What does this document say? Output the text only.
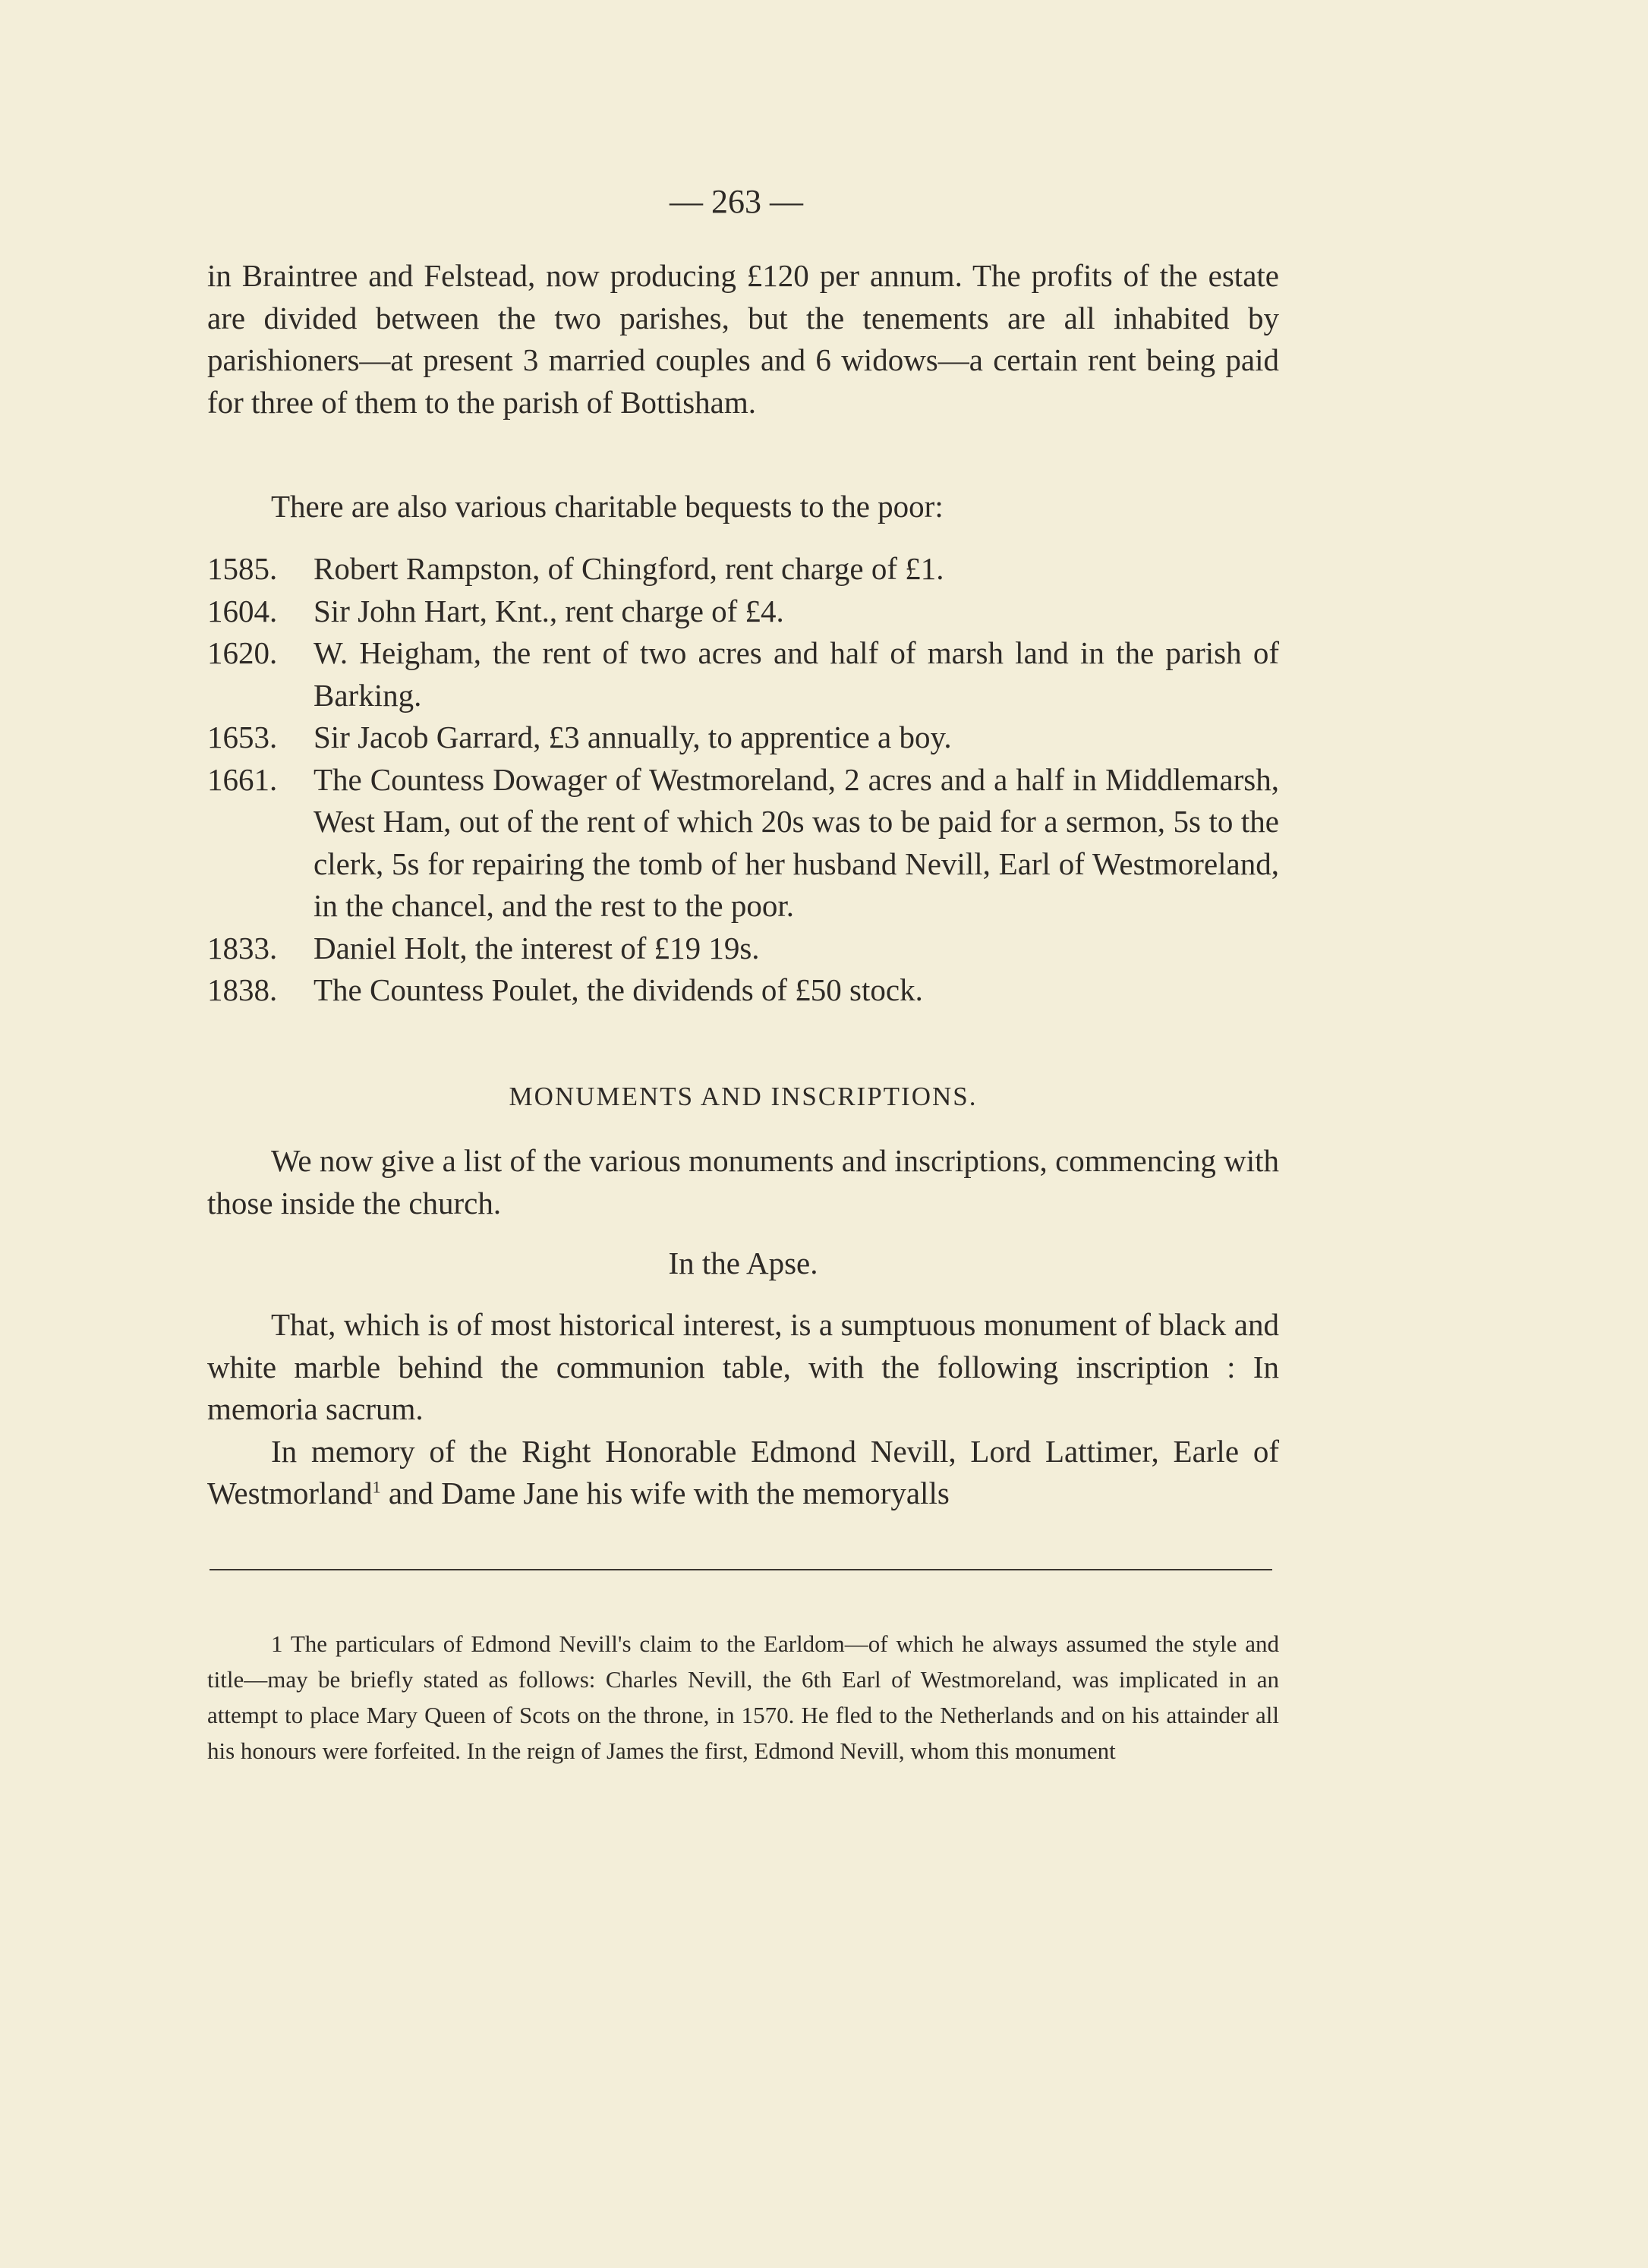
— 263 —

in Braintree and Felstead, now producing £120 per annum. The profits of the estate are divided between the two parishes, but the tenements are all inhabited by parishioners—at present 3 married couples and 6 widows—a certain rent being paid for three of them to the parish of Bottisham.

There are also various charitable bequests to the poor:

1585.	Robert Rampston, of Chingford, rent charge of £1.
1604.	Sir John Hart, Knt., rent charge of £4.
1620.	W. Heigham, the rent of two acres and half of marsh land in the parish of Barking.
1653.	Sir Jacob Garrard, £3 annually, to apprentice a boy.
1661.	The Countess Dowager of Westmoreland, 2 acres and a half in Middlemarsh, West Ham, out of the rent of which 20s was to be paid for a sermon, 5s to the clerk, 5s for repairing the tomb of her husband Nevill, Earl of Westmoreland, in the chancel, and the rest to the poor.
1833.	Daniel Holt, the interest of £19 19s.
1838.	The Countess Poulet, the dividends of £50 stock.
MONUMENTS AND INSCRIPTIONS.

We now give a list of the various monuments and inscriptions, commencing with those inside the church.

In the Apse.

That, which is of most historical interest, is a sumptuous monument of black and white marble behind the communion table, with the following inscription : In memoria sacrum.

In memory of the Right Honorable Edmond Nevill, Lord Lattimer, Earle of Westmorland$^1$ and Dame Jane his wife with the memoryalls

1 The particulars of Edmond Nevill's claim to the Earldom—of which he always assumed the style and title—may be briefly stated as follows: Charles Nevill, the 6th Earl of Westmoreland, was implicated in an attempt to place Mary Queen of Scots on the throne, in 1570. He fled to the Netherlands and on his attainder all his honours were forfeited. In the reign of James the first, Edmond Nevill, whom this monument
